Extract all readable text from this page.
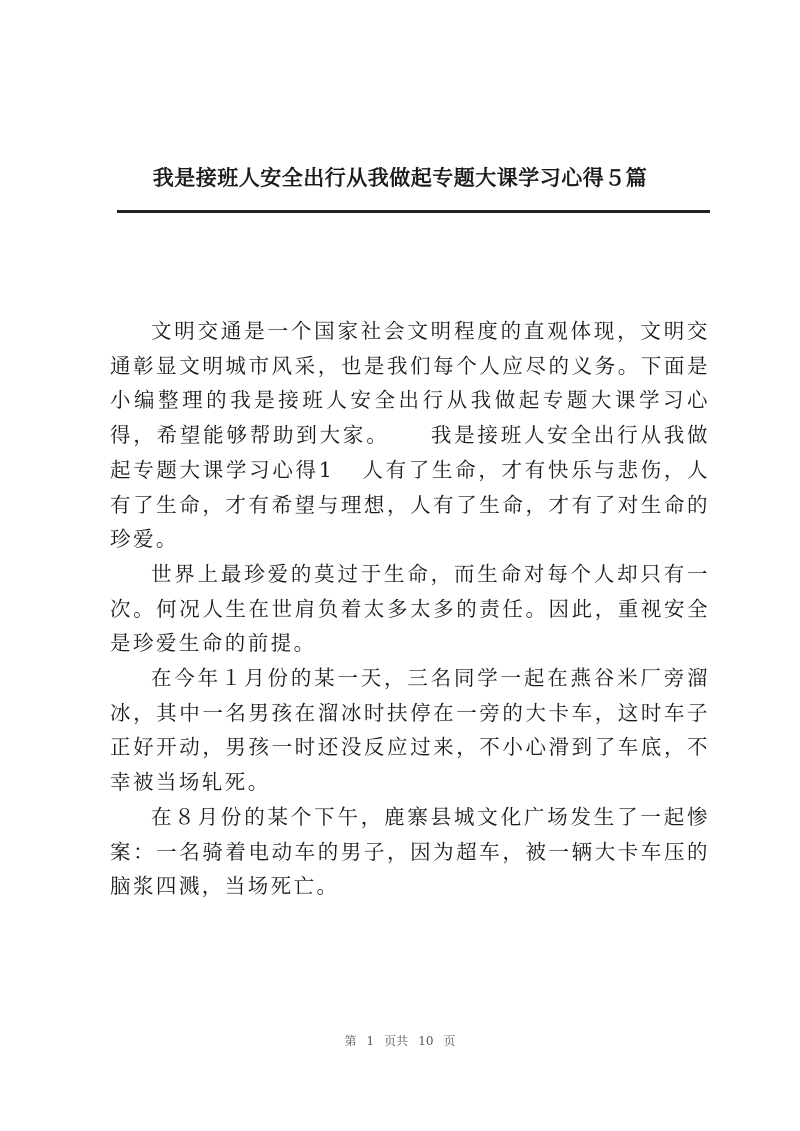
我是接班人安全出行从我做起专题大课学习心得５篇

文明交通是一个国家社会文明程度的直观体现，文明交通彰显文明城市风采，也是我们每个人应尽的义务。下面是小编整理的我是接班人安全出行从我做起专题大课学习心得，希望能够帮助到大家。 我是接班人安全出行从我做起专题大课学习心得1 人有了生命，才有快乐与悲伤，人有了生命，才有希望与理想，人有了生命，才有了对生命的珍爱。

世界上最珍爱的莫过于生命，而生命对每个人却只有一次。何况人生在世肩负着太多太多的责任。因此，重视安全是珍爱生命的前提。

在今年１月份的某一天，三名同学一起在燕谷米厂旁溜冰，其中一名男孩在溜冰时扶停在一旁的大卡车，这时车子正好开动，男孩一时还没反应过来，不小心滑到了车底，不幸被当场轧死。

在８月份的某个下午，鹿寨县城文化广场发生了一起惨案：一名骑着电动车的男子，因为超车，被一辆大卡车压的脑浆四溅，当场死亡。

第 1 页共 10 页
